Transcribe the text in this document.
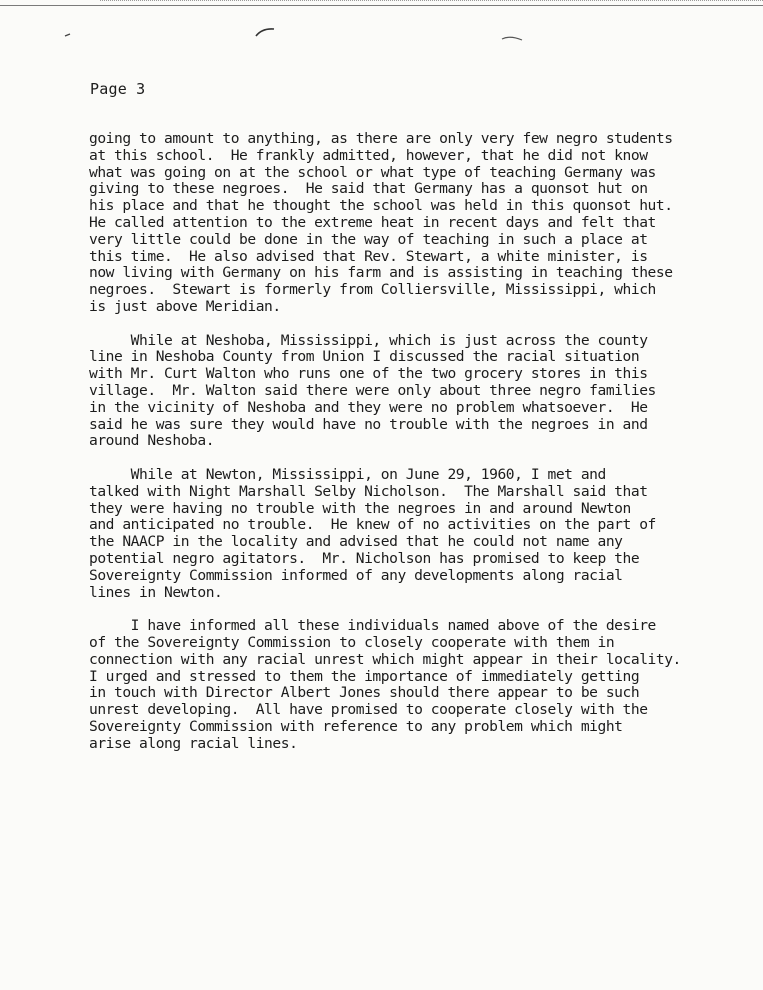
Page 3

going to amount to anything, as there are only very few negro students
at this school.  He frankly admitted, however, that he did not know
what was going on at the school or what type of teaching Germany was
giving to these negroes.  He said that Germany has a quonsot hut on
his place and that he thought the school was held in this quonsot hut.
He called attention to the extreme heat in recent days and felt that
very little could be done in the way of teaching in such a place at
this time.  He also advised that Rev. Stewart, a white minister, is
now living with Germany on his farm and is assisting in teaching these
negroes.  Stewart is formerly from Colliersville, Mississippi, which
is just above Meridian.
While at Neshoba, Mississippi, which is just across the county
line in Neshoba County from Union I discussed the racial situation
with Mr. Curt Walton who runs one of the two grocery stores in this
village.  Mr. Walton said there were only about three negro families
in the vicinity of Neshoba and they were no problem whatsoever.  He
said he was sure they would have no trouble with the negroes in and
around Neshoba.
While at Newton, Mississippi, on June 29, 1960, I met and
talked with Night Marshall Selby Nicholson.  The Marshall said that
they were having no trouble with the negroes in and around Newton
and anticipated no trouble.  He knew of no activities on the part of
the NAACP in the locality and advised that he could not name any
potential negro agitators.  Mr. Nicholson has promised to keep the
Sovereignty Commission informed of any developments along racial
lines in Newton.
I have informed all these individuals named above of the desire
of the Sovereignty Commission to closely cooperate with them in
connection with any racial unrest which might appear in their locality.
I urged and stressed to them the importance of immediately getting
in touch with Director Albert Jones should there appear to be such
unrest developing.  All have promised to cooperate closely with the
Sovereignty Commission with reference to any problem which might
arise along racial lines.
